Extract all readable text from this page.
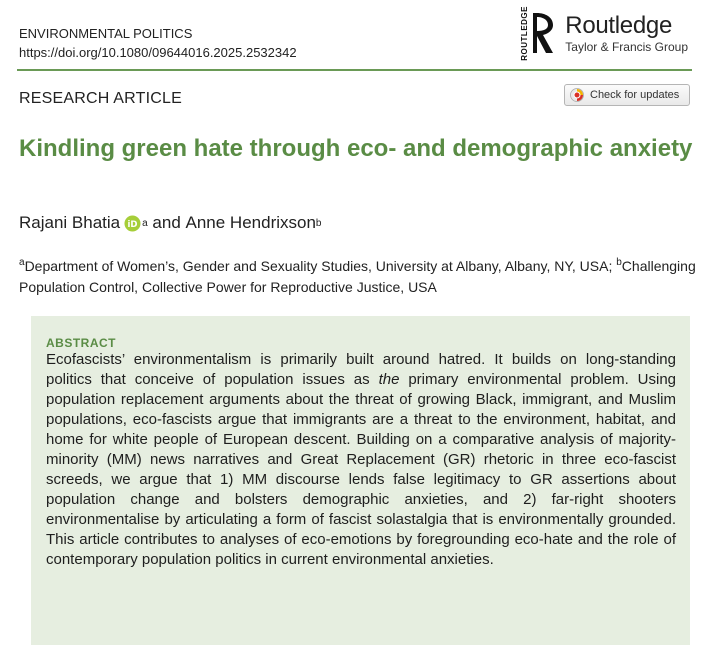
ENVIRONMENTAL POLITICS
https://doi.org/10.1080/09644016.2025.2532342	ROUTLEDGE Routledge
Taylor & Francis Group
RESEARCH ARTICLE	Check for updates
Kindling green hate through eco- and demographic anxiety
Rajani Bhatia iD a and Anne Hendrixson b
$^a$Department of Women’s, Gender and Sexuality Studies, University at Albany, Albany, NY, USA; $^b$Challenging Population Control, Collective Power for Reproductive Justice, USA

ABSTRACT

Ecofascists’ environmentalism is primarily built around hatred. It builds on long-standing politics that conceive of population issues as the primary environmental problem. Using population replacement arguments about the threat of growing Black, immigrant, and Muslim populations, eco-fascists argue that immigrants are a threat to the environment, habitat, and home for white people of European descent. Building on a comparative analysis of majority-minority (MM) news narratives and Great Replacement (GR) rhetoric in three eco-fascist screeds, we argue that 1) MM discourse lends false legitimacy to GR assertions about population change and bolsters demographic anxieties, and 2) far-right shooters environmentalise by articulating a form of fascist solastalgia that is environmentally grounded. This article contributes to analyses of eco-emotions by foregrounding eco-hate and the role of contemporary population politics in current environmental anxieties.
